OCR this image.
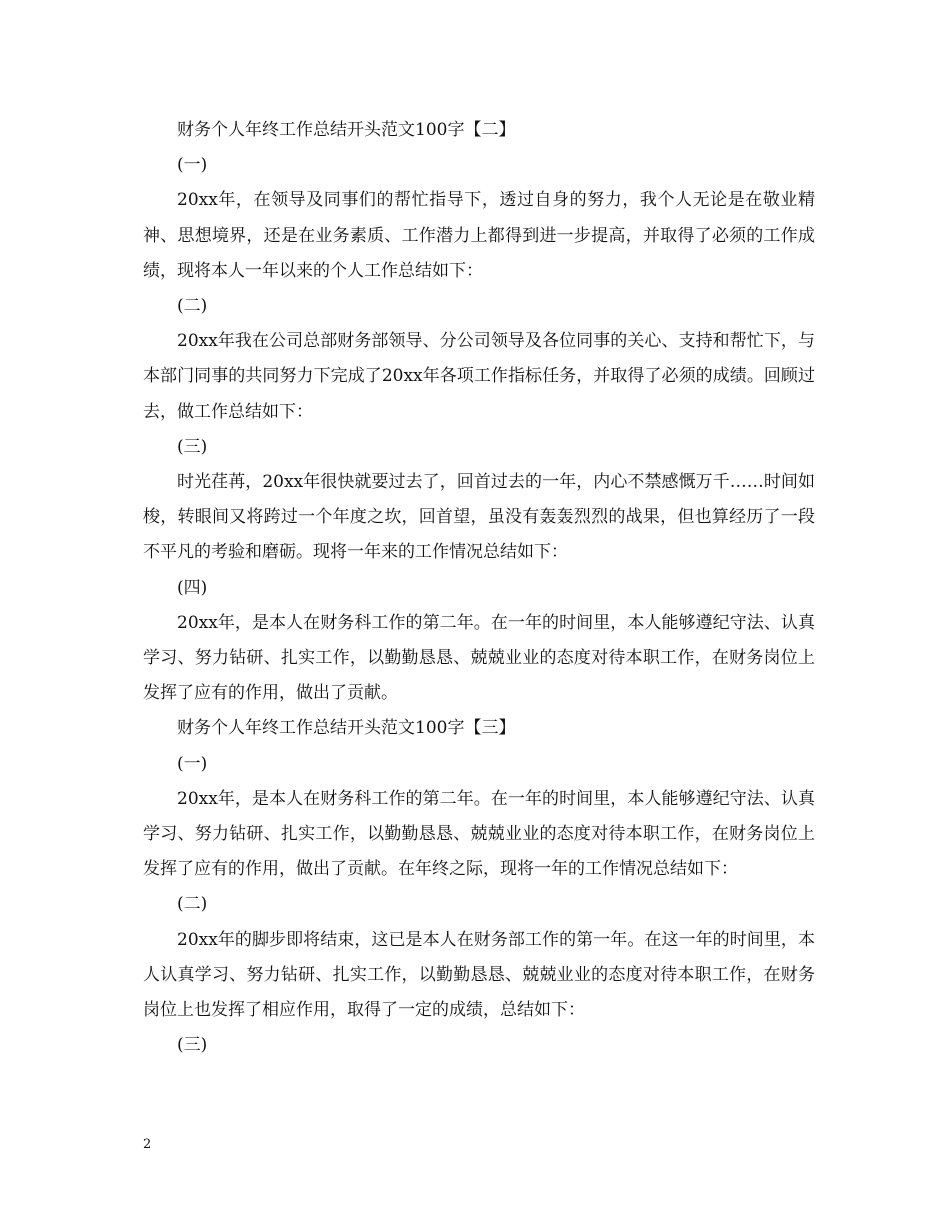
财务个人年终工作总结开头范文100字【二】

(一)

20xx年，在领导及同事们的帮忙指导下，透过自身的努力，我个人无论是在敬业精神、思想境界，还是在业务素质、工作潜力上都得到进一步提高，并取得了必须的工作成绩，现将本人一年以来的个人工作总结如下：

(二)

20xx年我在公司总部财务部领导、分公司领导及各位同事的关心、支持和帮忙下，与本部门同事的共同努力下完成了20xx年各项工作指标任务，并取得了必须的成绩。回顾过去，做工作总结如下：

(三)

时光荏苒，20xx年很快就要过去了，回首过去的一年，内心不禁感慨万千……时间如梭，转眼间又将跨过一个年度之坎，回首望，虽没有轰轰烈烈的战果，但也算经历了一段不平凡的考验和磨砺。现将一年来的工作情况总结如下：

(四)

20xx年，是本人在财务科工作的第二年。在一年的时间里，本人能够遵纪守法、认真学习、努力钻研、扎实工作，以勤勤恳恳、兢兢业业的态度对待本职工作，在财务岗位上发挥了应有的作用，做出了贡献。

财务个人年终工作总结开头范文100字【三】

(一)

20xx年，是本人在财务科工作的第二年。在一年的时间里，本人能够遵纪守法、认真学习、努力钻研、扎实工作，以勤勤恳恳、兢兢业业的态度对待本职工作，在财务岗位上发挥了应有的作用，做出了贡献。在年终之际，现将一年的工作情况总结如下：

(二)

20xx年的脚步即将结束，这已是本人在财务部工作的第一年。在这一年的时间里，本人认真学习、努力钻研、扎实工作，以勤勤恳恳、兢兢业业的态度对待本职工作，在财务岗位上也发挥了相应作用，取得了一定的成绩，总结如下：

(三)

2
